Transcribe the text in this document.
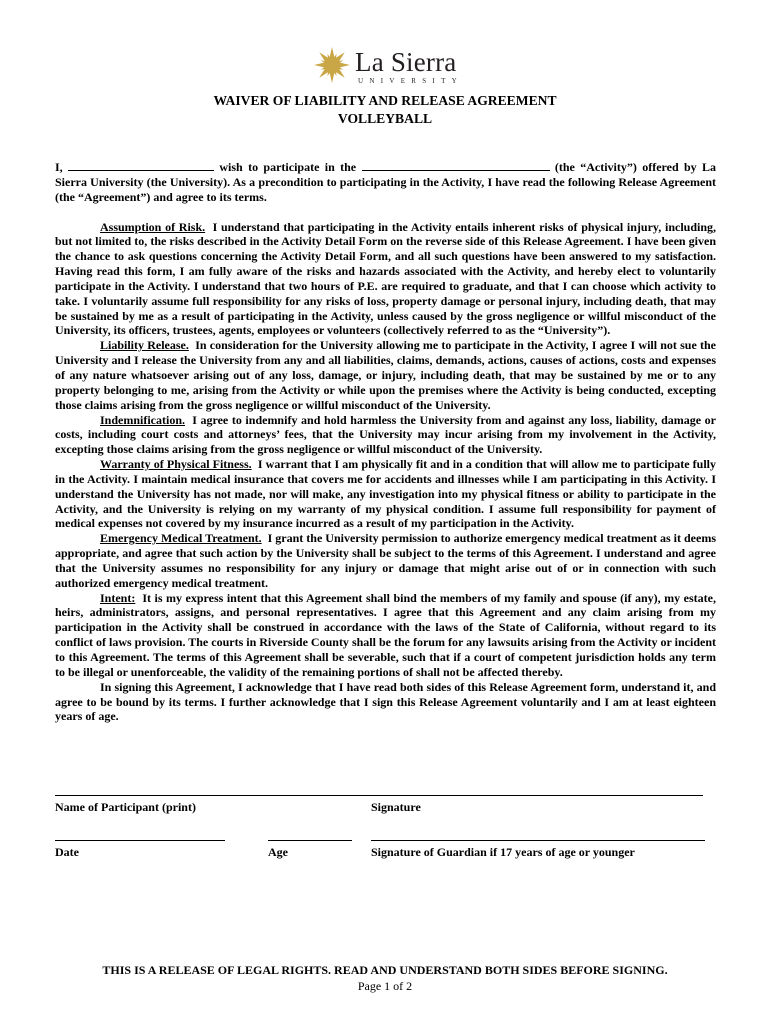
La Sierra
UNIVERSITY
WAIVER OF LIABILITY AND RELEASE AGREEMENT
VOLLEYBALL

I,	wish to participate in the	(the “Activity”) offered by La Sierra University (the University). As a precondition to participating in the Activity, I have read the following Release Agreement (the “Agreement”) and agree to its terms.

Assumption of Risk. I understand that participating in the Activity entails inherent risks of physical injury, including, but not limited to, the risks described in the Activity Detail Form on the reverse side of this Release Agreement. I have been given the chance to ask questions concerning the Activity Detail Form, and all such questions have been answered to my satisfaction. Having read this form, I am fully aware of the risks and hazards associated with the Activity, and hereby elect to voluntarily participate in the Activity. I understand that two hours of P.E. are required to graduate, and that I can choose which activity to take. I voluntarily assume full responsibility for any risks of loss, property damage or personal injury, including death, that may be sustained by me as a result of participating in the Activity, unless caused by the gross negligence or willful misconduct of the University, its officers, trustees, agents, employees or volunteers (collectively referred to as the “University”).

Liability Release. In consideration for the University allowing me to participate in the Activity, I agree I will not sue the University and I release the University from any and all liabilities, claims, demands, actions, causes of actions, costs and expenses of any nature whatsoever arising out of any loss, damage, or injury, including death, that may be sustained by me or to any property belonging to me, arising from the Activity or while upon the premises where the Activity is being conducted, excepting those claims arising from the gross negligence or willful misconduct of the University.

Indemnification. I agree to indemnify and hold harmless the University from and against any loss, liability, damage or costs, including court costs and attorneys’ fees, that the University may incur arising from my involvement in the Activity, excepting those claims arising from the gross negligence or willful misconduct of the University.

Warranty of Physical Fitness. I warrant that I am physically fit and in a condition that will allow me to participate fully in the Activity. I maintain medical insurance that covers me for accidents and illnesses while I am participating in this Activity. I understand the University has not made, nor will make, any investigation into my physical fitness or ability to participate in the Activity, and the University is relying on my warranty of my physical condition. I assume full responsibility for payment of medical expenses not covered by my insurance incurred as a result of my participation in the Activity.

Emergency Medical Treatment. I grant the University permission to authorize emergency medical treatment as it deems appropriate, and agree that such action by the University shall be subject to the terms of this Agreement. I understand and agree that the University assumes no responsibility for any injury or damage that might arise out of or in connection with such authorized emergency medical treatment.

Intent: It is my express intent that this Agreement shall bind the members of my family and spouse (if any), my estate, heirs, administrators, assigns, and personal representatives. I agree that this Agreement and any claim arising from my participation in the Activity shall be construed in accordance with the laws of the State of California, without regard to its conflict of laws provision. The courts in Riverside County shall be the forum for any lawsuits arising from the Activity or incident to this Agreement. The terms of this Agreement shall be severable, such that if a court of competent jurisdiction holds any term to be illegal or unenforceable, the validity of the remaining portions of shall not be affected thereby.

In signing this Agreement, I acknowledge that I have read both sides of this Release Agreement form, understand it, and agree to be bound by its terms. I further acknowledge that I sign this Release Agreement voluntarily and I am at least eighteen years of age.

Name of Participant (print)	Signature
Date	Age	Signature of Guardian if 17 years of age or younger
THIS IS A RELEASE OF LEGAL RIGHTS. READ AND UNDERSTAND BOTH SIDES BEFORE SIGNING.
Page 1 of 2
